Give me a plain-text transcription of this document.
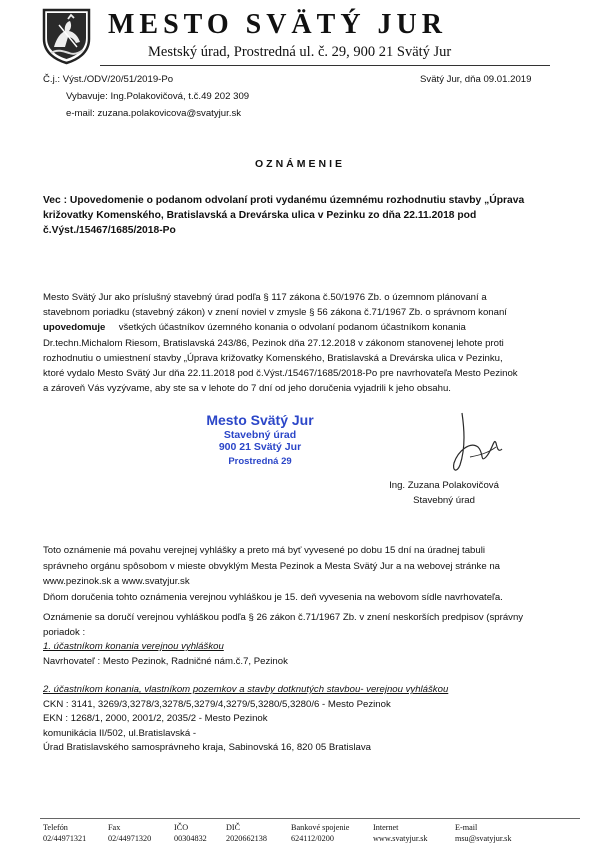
MESTO SVÄTÝ JUR
Mestský úrad, Prostredná ul. č. 29, 900 21 Svätý Jur
Č.j.: Výst./ODV/20/51/2019-Po	Svätý Jur, dňa 09.01.2019
Vybavuje: Ing.Polakovičová, t.č.49 202 309
e-mail: zuzana.polakovicova@svatyjur.sk
OZNÁMENIE
Vec : Upovedomenie o podanom odvolaní proti vydanému územnému rozhodnutiu stavby „Úprava
križovatky Komenského, Bratislavská a Drevárska ulica v Pezinku zo dňa 22.11.2018 pod
č.Výst./15467/1685/2018-Po
Mesto Svätý Jur ako príslušný stavebný úrad podľa § 117 zákona č.50/1976 Zb. o územnom plánovaní a
stavebnom poriadku (stavebný zákon) v znení noviel v zmysle § 56 zákona č.71/1967 Zb. o správnom konaní
upovedomuje všetkých účastníkov územného konania o odvolaní podanom účastníkom konania
Dr.techn.Michalom Riesom, Bratislavská 243/86, Pezinok dňa 27.12.2018 v zákonom stanovenej lehote proti
rozhodnutiu o umiestnení stavby „Úprava križovatky Komenského, Bratislavská a Drevárska ulica v Pezinku,
ktoré vydalo Mesto Svätý Jur dňa 22.11.2018 pod č.Výst./15467/1685/2018-Po pre navrhovateľa Mesto Pezinok
a zároveň Vás vyzývame, aby ste sa v lehote do 7 dní od jeho doručenia vyjadrili k jeho obsahu.
Mesto Svätý Jur
Stavebný úrad
900 21 Svätý Jur
Prostredná 29
Ing. Zuzana Polakovičová
Stavebný úrad
Toto oznámenie má povahu verejnej vyhlášky a preto má byť vyvesené po dobu 15 dní na úradnej tabuli
správneho orgánu spôsobom v mieste obvyklým Mesta Pezinok a Mesta Svätý Jur a na webovej stránke na
www.pezinok.sk a www.svatyjur.sk
Dňom doručenia tohto oznámenia verejnou vyhláškou je 15. deň vyvesenia na webovom sídle navrhovateľa.
Oznámenie sa doručí verejnou vyhláškou podľa § 26 zákon č.71/1967 Zb. v znení neskorších predpisov (správny
poriadok :
1. účastníkom konania verejnou vyhláškou
Navrhovateľ : Mesto Pezinok, Radničné nám.č.7, Pezinok
2. účastníkom konania, vlastníkom pozemkov a stavby dotknutých stavbou- verejnou vyhláškou
CKN : 3141, 3269/3,3278/3,3278/5,3279/4,3279/5,3280/5,3280/6 - Mesto Pezinok
EKN : 1268/1, 2000, 2001/2, 2035/2 - Mesto Pezinok
komunikácia II/502, ul.Bratislavská -
Úrad Bratislavského samosprávneho kraja, Sabinovská 16, 820 05 Bratislava
Telefón
02/44971321
Fax
02/44971320
IČO
00304832
DIČ
2020662138
Bankové spojenie
624112/0200
Internet
www.svatyjur.sk
E-mail
msu@svatyjur.sk
